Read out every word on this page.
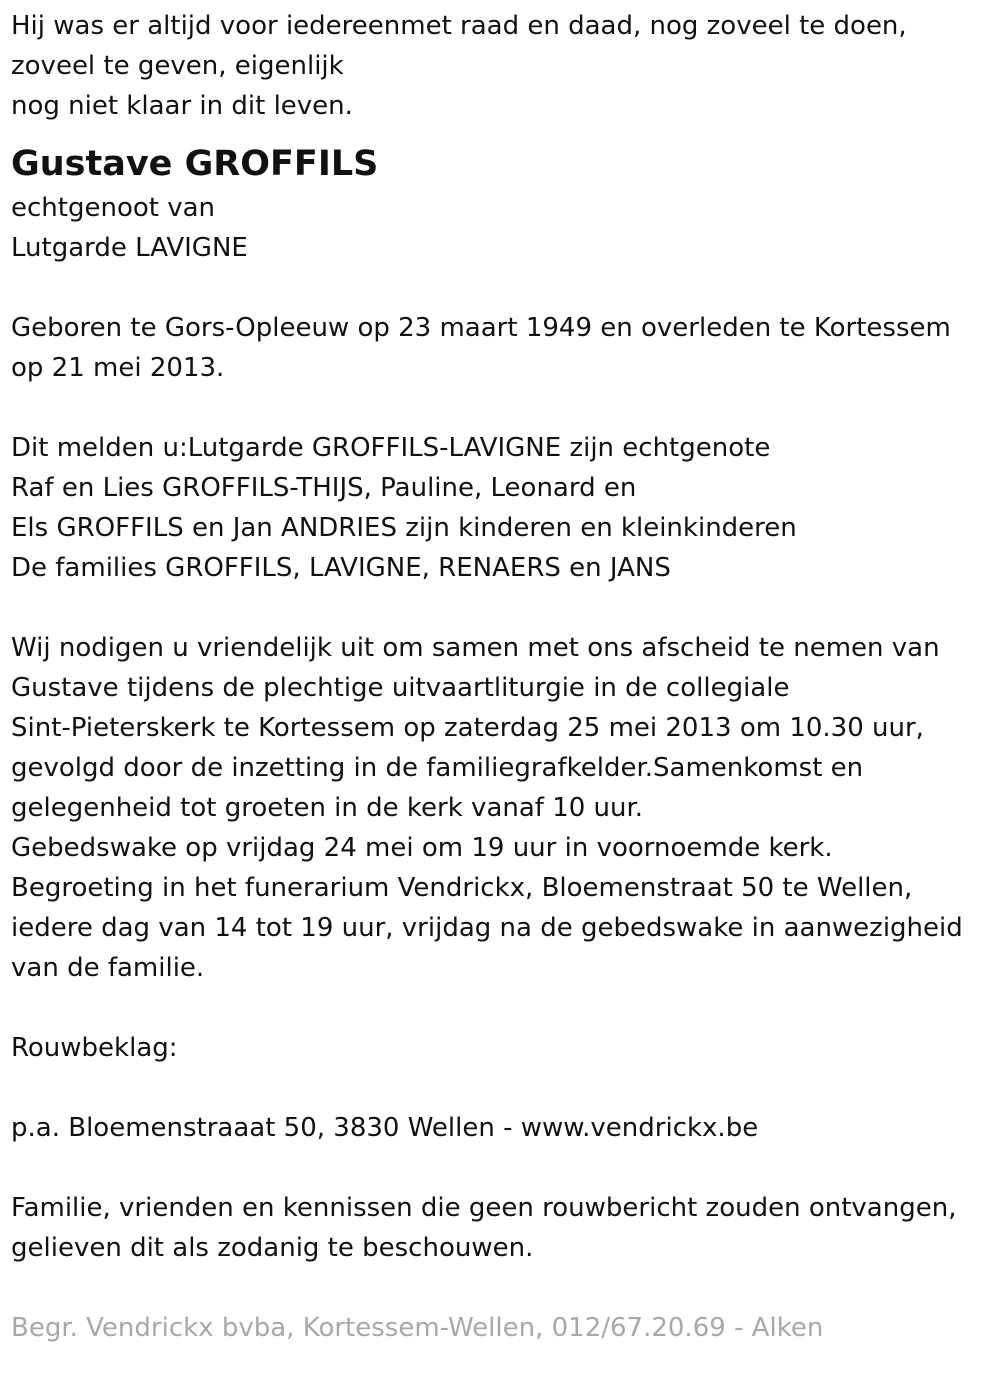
Hij was er altijd voor iedereenmet raad en daad, nog zoveel te doen,
zoveel te geven, eigenlijk
nog niet klaar in dit leven.
Gustave GROFFILS
echtgenoot van
Lutgarde LAVIGNE
Geboren te Gors-Opleeuw op 23 maart 1949 en overleden te Kortessem
op 21 mei 2013.
Dit melden u:Lutgarde GROFFILS-LAVIGNE zijn echtgenote
Raf en Lies GROFFILS-THIJS, Pauline, Leonard en
Els GROFFILS en Jan ANDRIES zijn kinderen en kleinkinderen
De families GROFFILS, LAVIGNE, RENAERS en JANS
Wij nodigen u vriendelijk uit om samen met ons afscheid te nemen van
Gustave tijdens de plechtige uitvaartliturgie in de collegiale
Sint-Pieterskerk te Kortessem op zaterdag 25 mei 2013 om 10.30 uur,
gevolgd door de inzetting in de familiegrafkelder.Samenkomst en
gelegenheid tot groeten in de kerk vanaf 10 uur.
Gebedswake op vrijdag 24 mei om 19 uur in voornoemde kerk.
Begroeting in het funerarium Vendrickx, Bloemenstraat 50 te Wellen,
iedere dag van 14 tot 19 uur, vrijdag na de gebedswake in aanwezigheid
van de familie.
Rouwbeklag:
p.a. Bloemenstraaat 50, 3830 Wellen - www.vendrickx.be
Familie, vrienden en kennissen die geen rouwbericht zouden ontvangen,
gelieven dit als zodanig te beschouwen.
Begr. Vendrickx bvba, Kortessem-Wellen, 012/67.20.69 - Alken
